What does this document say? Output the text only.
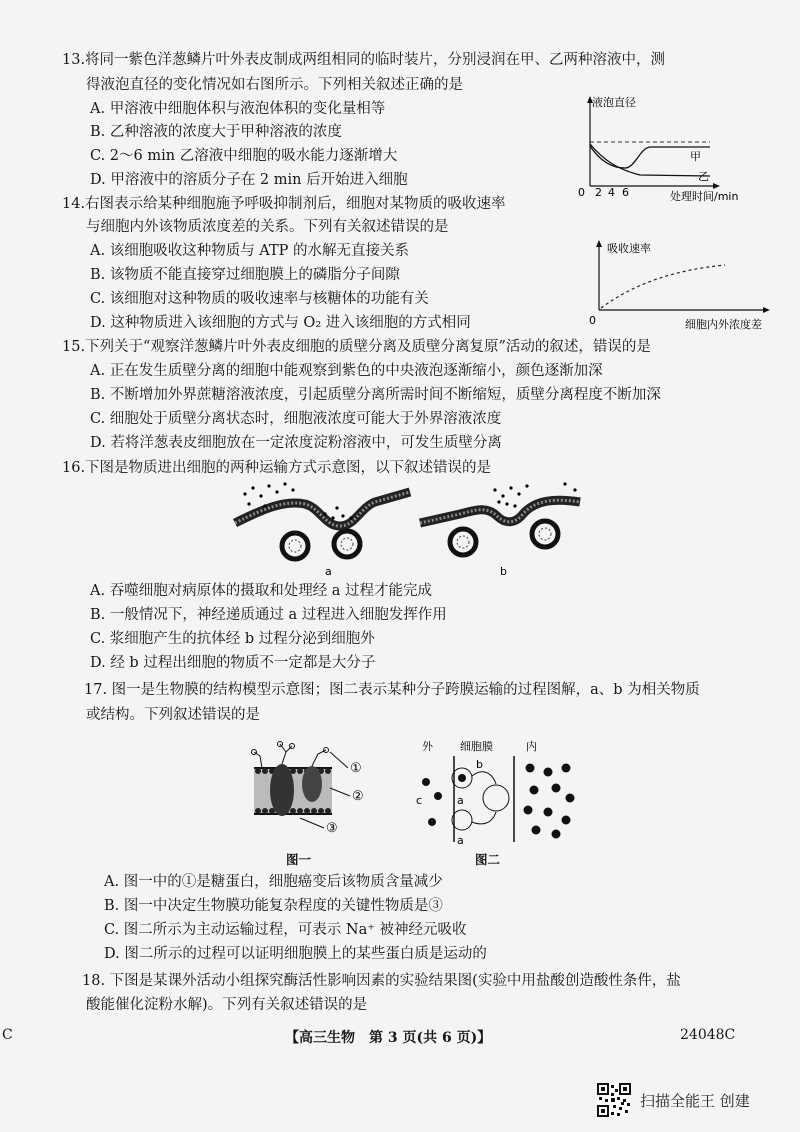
13.将同一紫色洋葱鳞片叶外表皮制成两组相同的临时装片，分别浸润在甲、乙两种溶液中，测
得液泡直径的变化情况如右图所示。下列相关叙述正确的是
A. 甲溶液中细胞体积与液泡体积的变化量相等
B. 乙种溶液的浓度大于甲种溶液的浓度
C. 2～6 min 乙溶液中细胞的吸水能力逐渐增大
D. 甲溶液中的溶质分子在 2 min 后开始进入细胞
液泡直径
甲
乙
0 2 4 6	处理时间/min
14.右图表示给某种细胞施予呼吸抑制剂后，细胞对某物质的吸收速率
与细胞内外该物质浓度差的关系。下列有关叙述错误的是
A. 该细胞吸收这种物质与 ATP 的水解无直接关系
B. 该物质不能直接穿过细胞膜上的磷脂分子间隙
C. 该细胞对这种物质的吸收速率与核糖体的功能有关
D. 这种物质进入该细胞的方式与 O₂ 进入该细胞的方式相同
吸收速率
0	细胞内外浓度差
15.下列关于“观察洋葱鳞片叶外表皮细胞的质壁分离及质壁分离复原”活动的叙述，错误的是
A. 正在发生质壁分离的细胞中能观察到紫色的中央液泡逐渐缩小，颜色逐渐加深
B. 不断增加外界蔗糖溶液浓度，引起质壁分离所需时间不断缩短，质壁分离程度不断加深
C. 细胞处于质壁分离状态时，细胞液浓度可能大于外界溶液浓度
D. 若将洋葱表皮细胞放在一定浓度淀粉溶液中，可发生质壁分离
16.下图是物质进出细胞的两种运输方式示意图，以下叙述错误的是
a	b
A. 吞噬细胞对病原体的摄取和处理经 a 过程才能完成
B. 一般情况下，神经递质通过 a 过程进入细胞发挥作用
C. 浆细胞产生的抗体经 b 过程分泌到细胞外
D. 经 b 过程出细胞的物质不一定都是大分子
17. 图一是生物膜的结构模型示意图；图二表示某种分子跨膜运输的过程图解，a、b 为相关物质
或结构。下列叙述错误的是
①
②
③
图一
外 细胞膜	内
b
a
a
c
图二
A. 图一中的①是糖蛋白，细胞癌变后该物质含量减少
B. 图一中决定生物膜功能复杂程度的关键性物质是③
C. 图二所示为主动运输过程，可表示 Na⁺ 被神经元吸收
D. 图二所示的过程可以证明细胞膜上的某些蛋白质是运动的
18. 下图是某课外活动小组探究酶活性影响因素的实验结果图(实验中用盐酸创造酸性条件，盐
酸能催化淀粉水解)。下列有关叙述错误的是
C	【高三生物　第 3 页(共 6 页)】	24048C
扫描全能王 创建
